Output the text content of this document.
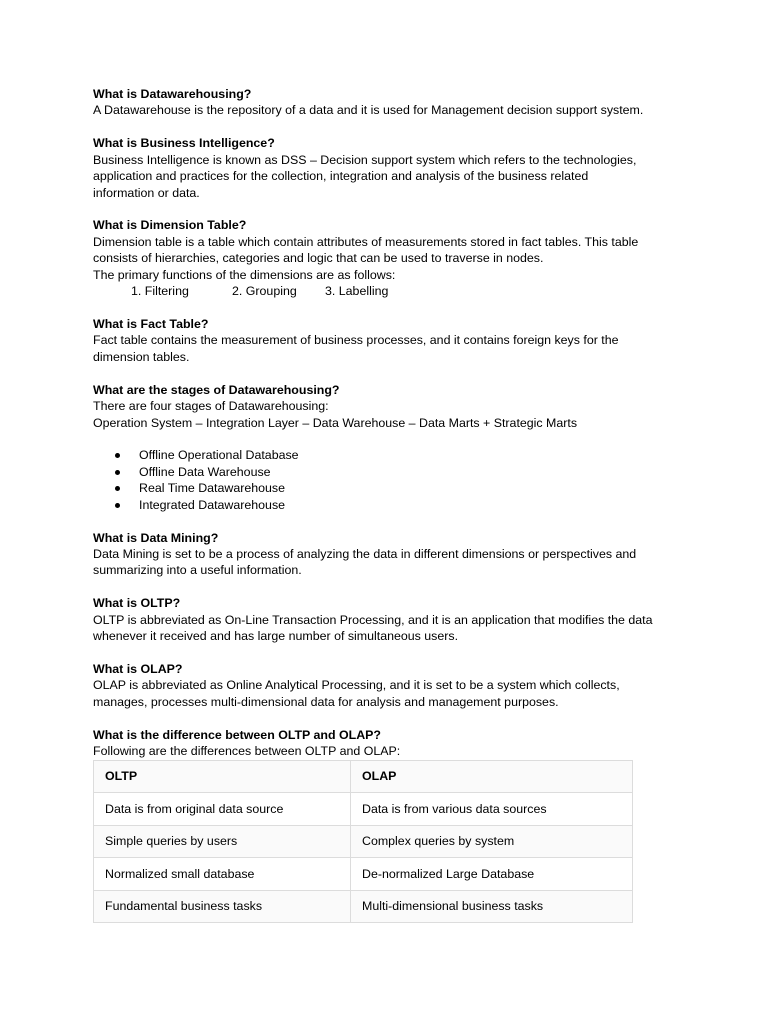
What is Datawarehousing?

A Datawarehouse is the repository of a data and it is used for Management decision support system.

What is Business Intelligence?

Business Intelligence is known as DSS – Decision support system which refers to the technologies,

application and practices for the collection, integration and analysis of the business related

information or data.

What is Dimension Table?

Dimension table is a table which contain attributes of measurements stored in fact tables. This table

consists of hierarchies, categories and logic that can be used to traverse in nodes.

The primary functions of the dimensions are as follows:

1. Filtering	2. Grouping 3. Labelling

What is Fact Table?

Fact table contains the measurement of business processes, and it contains foreign keys for the

dimension tables.

What are the stages of Datawarehousing?

There are four stages of Datawarehousing:

Operation System – Integration Layer – Data Warehouse – Data Marts + Strategic Marts

Offline Operational Database
Offline Data Warehouse
Real Time Datawarehouse
Integrated Datawarehouse

What is Data Mining?

Data Mining is set to be a process of analyzing the data in different dimensions or perspectives and

summarizing into a useful information.

What is OLTP?

OLTP is abbreviated as On-Line Transaction Processing, and it is an application that modifies the data

whenever it received and has large number of simultaneous users.

What is OLAP?

OLAP is abbreviated as Online Analytical Processing, and it is set to be a system which collects,

manages, processes multi-dimensional data for analysis and management purposes.

What is the difference between OLTP and OLAP?

Following are the differences between OLTP and OLAP:

OLTP	OLAP
Data is from original data source	Data is from various data sources
Simple queries by users	Complex queries by system
Normalized small database	De-normalized Large Database
Fundamental business tasks	Multi-dimensional business tasks
